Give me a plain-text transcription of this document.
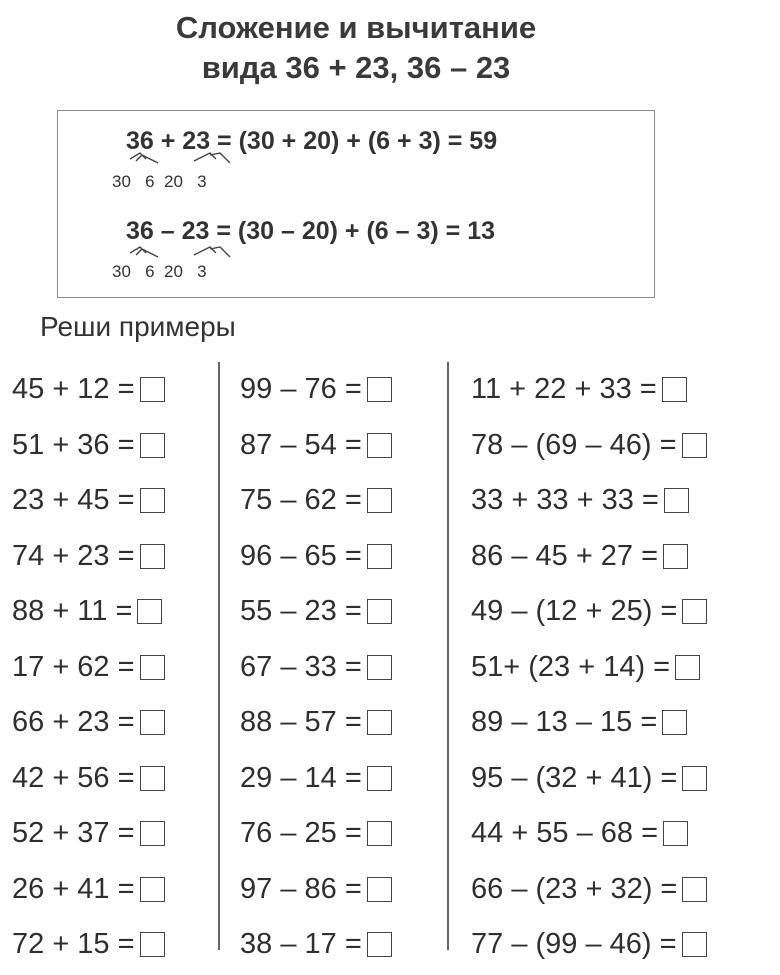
Сложение и вычитание
вида 36 + 23, 36 – 23
36 + 23 = (30 + 20) + (6 + 3) = 59
30 6 20 3
36 – 23 = (30 – 20) + (6 – 3) = 13
30 6 20 3
Реши примеры
45 + 12 =
51 + 36 =
23 + 45 =
74 + 23 =
88 + 11 =
17 + 62 =
66 + 23 =
42 + 56 =
52 + 37 =
26 + 41 =
72 + 15 =
99 – 76 =
87 – 54 =
75 – 62 =
96 – 65 =
55 – 23 =
67 – 33 =
88 – 57 =
29 – 14 =
76 – 25 =
97 – 86 =
38 – 17 =
11 + 22 + 33 =
78 – (69 – 46) =
33 + 33 + 33 =
86 – 45 + 27 =
49 – (12 + 25) =
51+ (23 + 14) =
89 – 13 – 15 =
95 – (32 + 41) =
44 + 55 – 68 =
66 – (23 + 32) =
77 – (99 – 46) =
